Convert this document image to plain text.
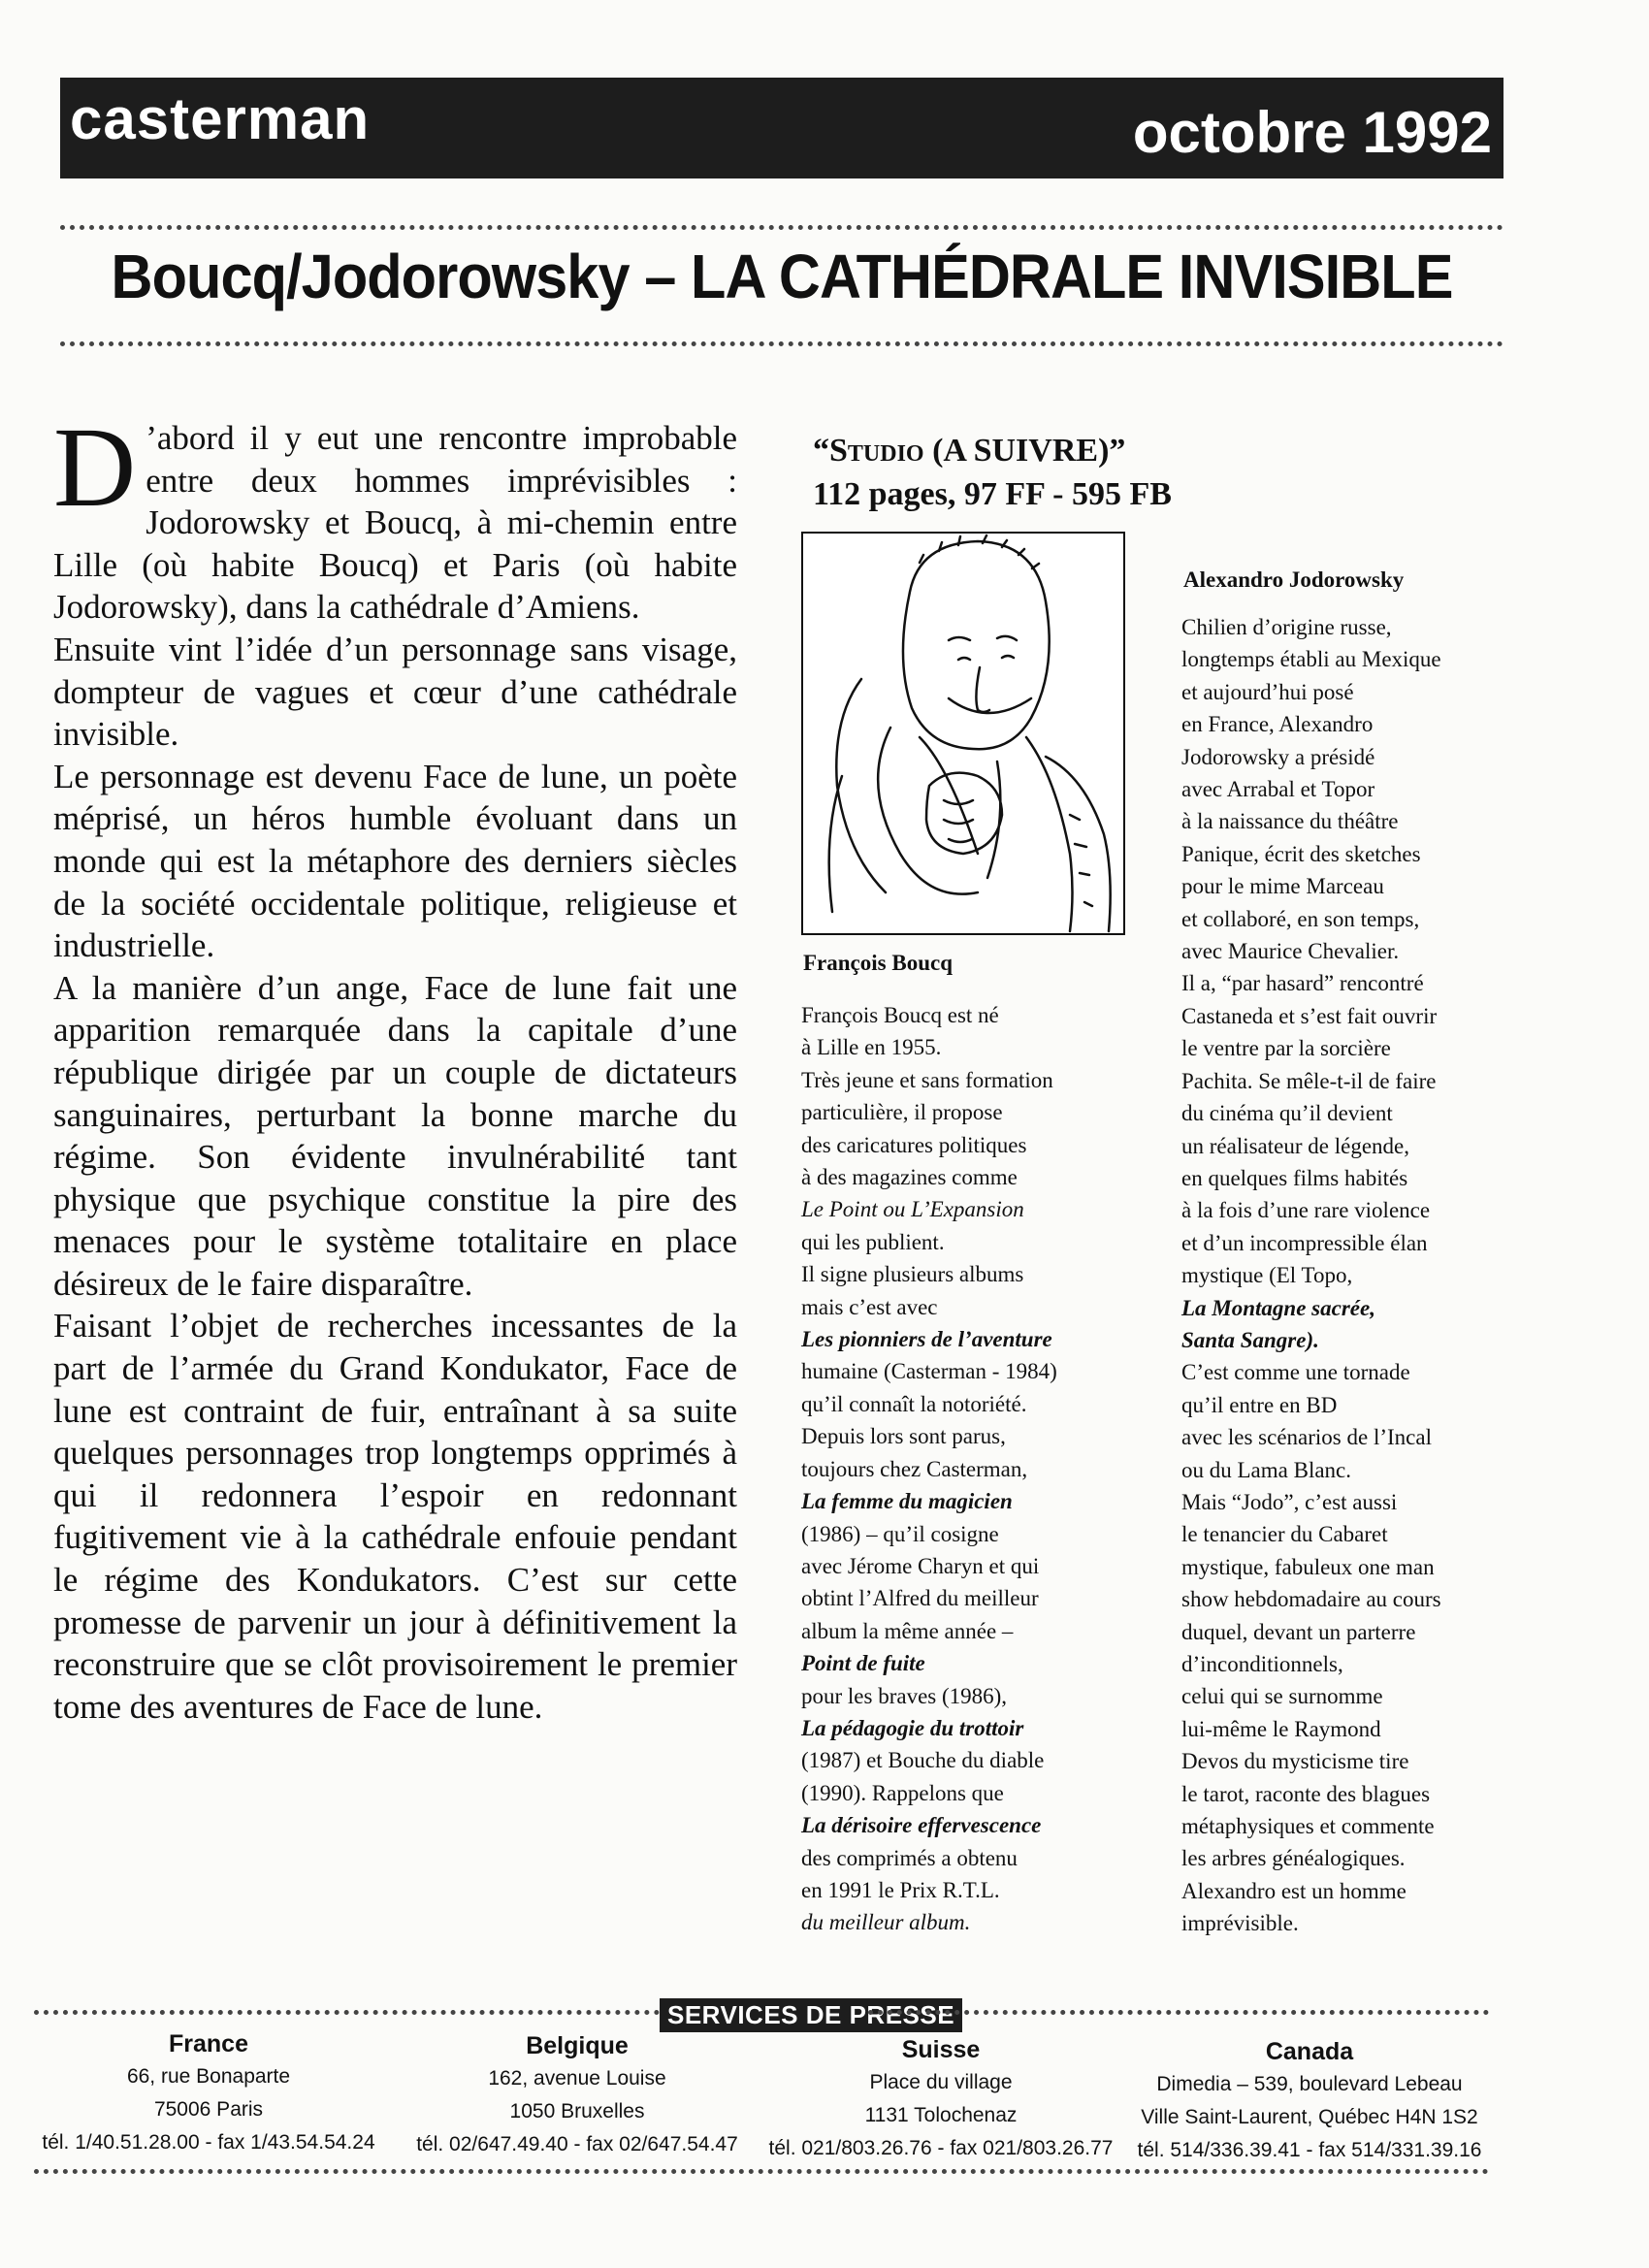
casterman	octobre 1992
Boucq/Jodorowsky – LA CATHÉDRALE INVISIBLE

D ’abord il y eut une rencontre improbable entre deux hommes imprévisibles : Jodorowsky et Boucq, à mi-chemin entre Lille (où habite Boucq) et Paris (où habite Jodorowsky), dans la cathédrale d’Amiens.

Ensuite vint l’idée d’un personnage sans visage, dompteur de vagues et cœur d’une cathédrale invisible.

Le personnage est devenu Face de lune, un poète méprisé, un héros humble évoluant dans un monde qui est la métaphore des derniers siècles de la société occidentale politique, religieuse et industrielle.

A la manière d’un ange, Face de lune fait une apparition remarquée dans la capitale d’une république dirigée par un couple de dictateurs sanguinaires, perturbant la bonne marche du régime. Son évidente invulnérabilité tant physique que psychique constitue la pire des menaces pour le système totalitaire en place désireux de le faire disparaître.

Faisant l’objet de recherches incessantes de la part de l’armée du Grand Kondukator, Face de lune est contraint de fuir, entraînant à sa suite quelques personnages trop longtemps opprimés à qui il redonnera l’espoir en redonnant fugitivement vie à la cathédrale enfouie pendant le régime des Kondukators. C’est sur cette promesse de parvenir un jour à définitivement la reconstruire que se clôt provisoirement le premier tome des aventures de Face de lune.

“Studio (A SUIVRE)”
112 pages, 97 FF - 595 FB
François Boucq
François Boucq est né
à Lille en 1955.
Très jeune et sans formation
particulière, il propose
des caricatures politiques
à des magazines comme
Le Point ou L’Expansion
qui les publient.
Il signe plusieurs albums
mais c’est avec
Les pionniers de l’aventure
humaine (Casterman - 1984)
qu’il connaît la notoriété.
Depuis lors sont parus,
toujours chez Casterman,
La femme du magicien
(1986) – qu’il cosigne
avec Jérome Charyn et qui
obtint l’Alfred du meilleur
album la même année –
Point de fuite
pour les braves (1986),
La pédagogie du trottoir
(1987) et Bouche du diable
(1990). Rappelons que
La dérisoire effervescence
des comprimés a obtenu
en 1991 le Prix R.T.L.
du meilleur album.
Alexandro Jodorowsky
Chilien d’origine russe,
longtemps établi au Mexique
et aujourd’hui posé
en France, Alexandro
Jodorowsky a présidé
avec Arrabal et Topor
à la naissance du théâtre
Panique, écrit des sketches
pour le mime Marceau
et collaboré, en son temps,
avec Maurice Chevalier.
Il a, “par hasard” rencontré
Castaneda et s’est fait ouvrir
le ventre par la sorcière
Pachita. Se mêle-t-il de faire
du cinéma qu’il devient
un réalisateur de légende,
en quelques films habités
à la fois d’une rare violence
et d’un incompressible élan
mystique (El Topo,
La Montagne sacrée,
Santa Sangre).
C’est comme une tornade
qu’il entre en BD
avec les scénarios de l’Incal
ou du Lama Blanc.
Mais “Jodo”, c’est aussi
le tenancier du Cabaret
mystique, fabuleux one man
show hebdomadaire au cours
duquel, devant un parterre
d’inconditionnels,
celui qui se surnomme
lui-même le Raymond
Devos du mysticisme tire
le tarot, raconte des blagues
métaphysiques et commente
les arbres généalogiques.
Alexandro est un homme
imprévisible.
SERVICES DE PRESSE
France
66, rue Bonaparte
75006 Paris
tél. 1/40.51.28.00 - fax 1/43.54.54.24
Belgique
162, avenue Louise
1050 Bruxelles
tél. 02/647.49.40 - fax 02/647.54.47
Suisse
Place du village
1131 Tolochenaz
tél. 021/803.26.76 - fax 021/803.26.77
Canada
Dimedia – 539, boulevard Lebeau
Ville Saint-Laurent, Québec H4N 1S2
tél. 514/336.39.41 - fax 514/331.39.16
